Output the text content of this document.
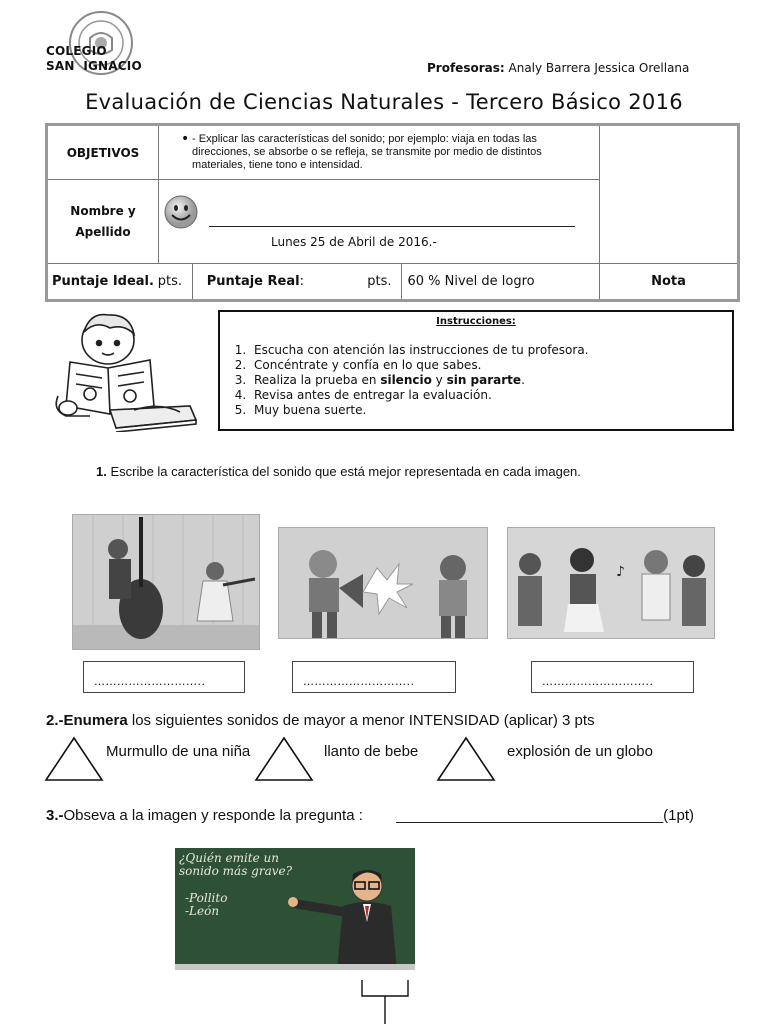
COLEGIO
SAN  IGNACIO	Profesoras: Analy Barrera Jessica Orellana
Evaluación de Ciencias Naturales - Tercero Básico 2016
OBJETIVOS	• - Explicar las características del sonido; por ejemplo: viaja en todas las direcciones, se absorbe o se refleja, se transmite por medio de distintos materiales, tiene tono e intensidad.			

Nombre y
Apellido	Lunes 25 de Abril de 2016.-			

Puntaje Ideal. pts.		Puntaje Real: pts.	60 % Nivel de logro	Nota
Instrucciones:
1. Escucha con atención las instrucciones de tu profesora.
2. Concéntrate y confía en lo que sabes.
3. Realiza la prueba en silencio y sin pararte.
4. Revisa antes de entregar la evaluación.
5. Muy buena suerte.
1. Escribe la característica del sonido que está mejor representada en cada imagen.
♪
………………………..	………………………..	………………………..
2.-Enumera los siguientes sonidos de mayor a menor INTENSIDAD (aplicar) 3 pts
Murmullo de una niña	llanto de bebe	explosión de un globo
3.-Obseva a la imagen y responde la pregunta :        ________________________________(1pt)
¿Quién emite un
sonido más grave?
-Pollito
-León
